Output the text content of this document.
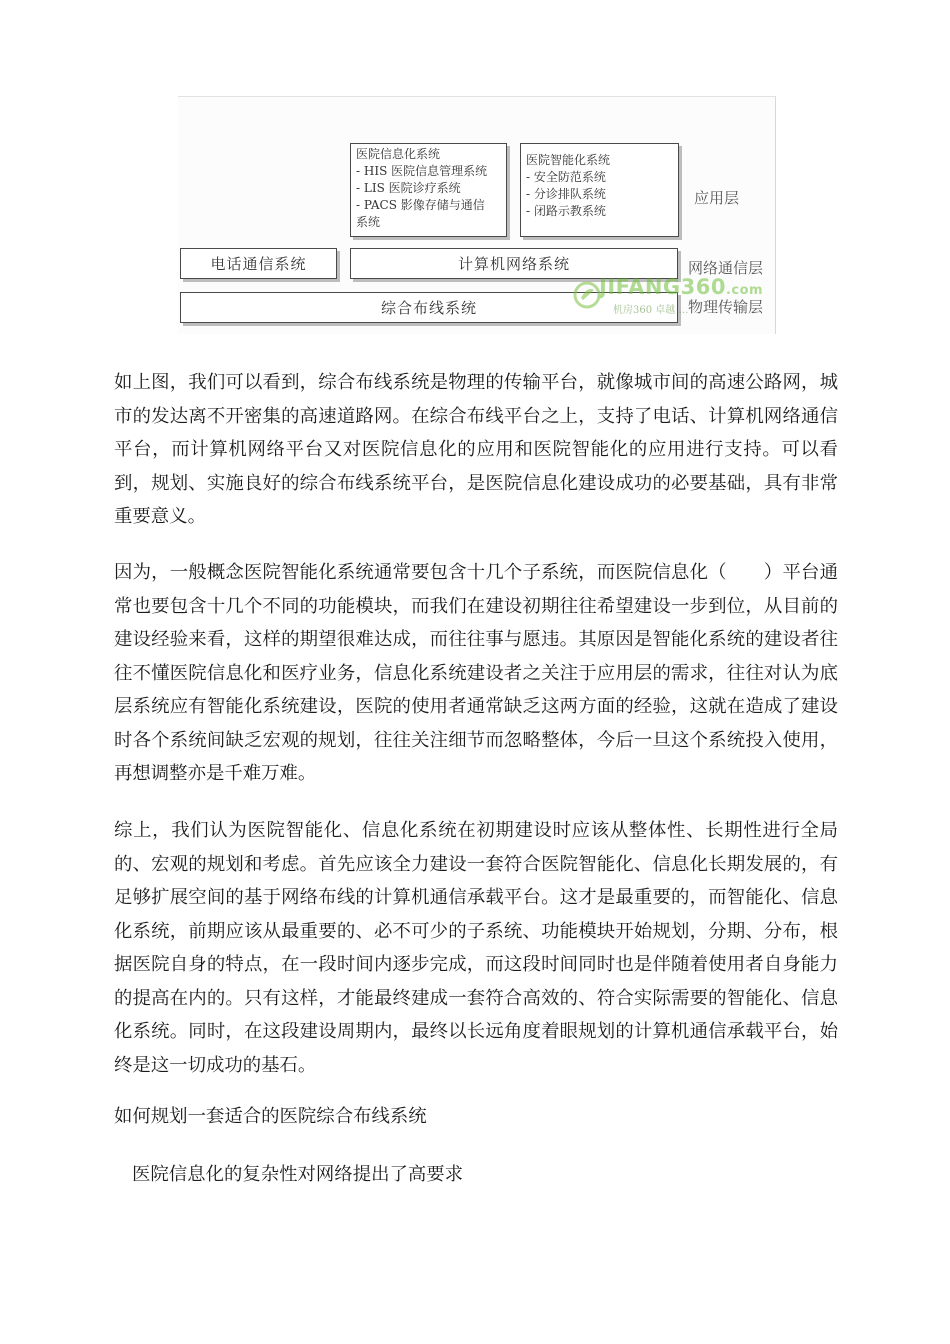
医院信息化系统
- HIS 医院信息管理系统
- LIS 医院诊疗系统
- PACS 影像存储与通信
系统
医院智能化系统
- 安全防范系统
- 分诊排队系统
- 闭路示教系统
应用层
电话通信系统	计算机网络系统	网络通信层
综合布线系统	物理传输层
JIFANG360.com
机房360 卓越 …

如上图，我们可以看到，综合布线系统是物理的传输平台，就像城市间的高速公路网，城市的发达离不开密集的高速道路网。在综合布线平台之上，支持了电话、计算机网络通信平台，而计算机网络平台又对医院信息化的应用和医院智能化的应用进行支持。可以看到，规划、实施良好的综合布线系统平台，是医院信息化建设成功的必要基础，具有非常重要意义。

因为，一般概念医院智能化系统通常要包含十几个子系统，而医院信息化（　　）平台通常也要包含十几个不同的功能模块，而我们在建设初期往往希望建设一步到位，从目前的建设经验来看，这样的期望很难达成，而往往事与愿违。其原因是智能化系统的建设者往往不懂医院信息化和医疗业务，信息化系统建设者之关注于应用层的需求，往往对认为底层系统应有智能化系统建设，医院的使用者通常缺乏这两方面的经验，这就在造成了建设时各个系统间缺乏宏观的规划，往往关注细节而忽略整体，今后一旦这个系统投入使用，再想调整亦是千难万难。

综上，我们认为医院智能化、信息化系统在初期建设时应该从整体性、长期性进行全局的、宏观的规划和考虑。首先应该全力建设一套符合医院智能化、信息化长期发展的，有足够扩展空间的基于网络布线的计算机通信承载平台。这才是最重要的，而智能化、信息化系统，前期应该从最重要的、必不可少的子系统、功能模块开始规划，分期、分布，根据医院自身的特点，在一段时间内逐步完成，而这段时间同时也是伴随着使用者自身能力的提高在内的。只有这样，才能最终建成一套符合高效的、符合实际需要的智能化、信息化系统。同时，在这段建设周期内，最终以长远角度着眼规划的计算机通信承载平台，始终是这一切成功的基石。

如何规划一套适合的医院综合布线系统

医院信息化的复杂性对网络提出了高要求
